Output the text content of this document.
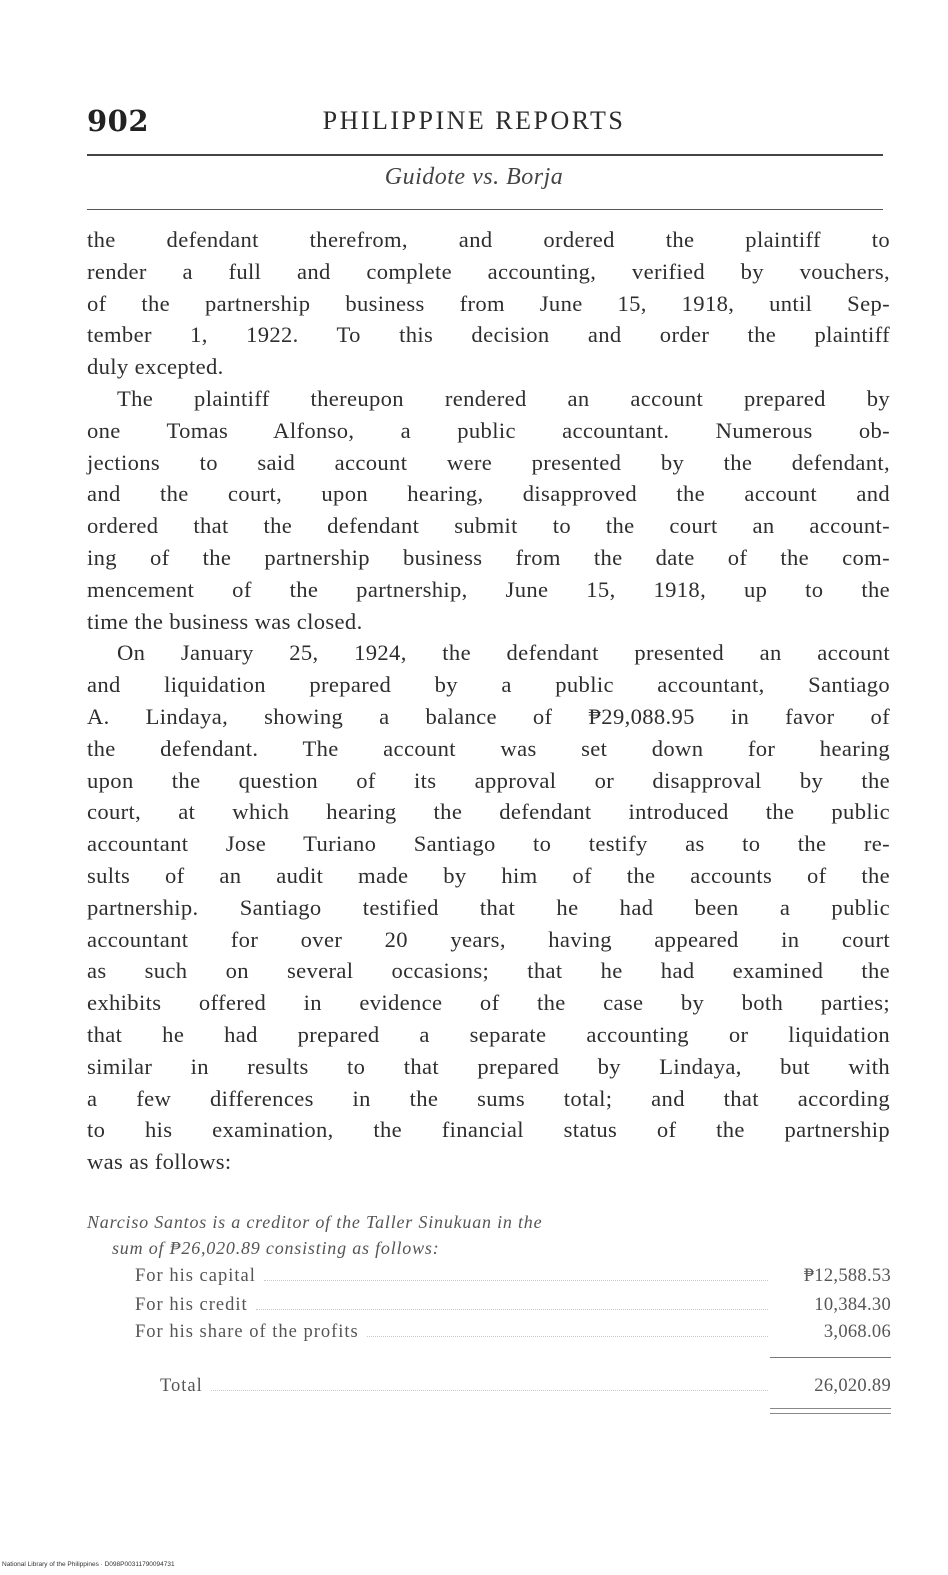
902	PHILIPPINE REPORTS
Guidote vs. Borja
the defendant therefrom, and ordered the plaintiff to
render a full and complete accounting, verified by vouchers,
of the partnership business from June 15, 1918, until Sep-
tember 1, 1922. To this decision and order the plaintiff
duly excepted.
The plaintiff thereupon rendered an account prepared by
one Tomas Alfonso, a public accountant. Numerous ob-
jections to said account were presented by the defendant,
and the court, upon hearing, disapproved the account and
ordered that the defendant submit to the court an account-
ing of the partnership business from the date of the com-
mencement of the partnership, June 15, 1918, up to the
time the business was closed.
On January 25, 1924, the defendant presented an account
and liquidation prepared by a public accountant, Santiago
A. Lindaya, showing a balance of ₱29,088.95 in favor of
the defendant. The account was set down for hearing
upon the question of its approval or disapproval by the
court, at which hearing the defendant introduced the public
accountant Jose Turiano Santiago to testify as to the re-
sults of an audit made by him of the accounts of the
partnership. Santiago testified that he had been a public
accountant for over 20 years, having appeared in court
as such on several occasions; that he had examined the
exhibits offered in evidence of the case by both parties;
that he had prepared a separate accounting or liquidation
similar in results to that prepared by Lindaya, but with
a few differences in the sums total; and that according
to his examination, the financial status of the partnership
was as follows:
Narciso Santos is a creditor of the Taller Sinukuan in the
sum of ₱26,020.89 consisting as follows:
For his capital	₱12,588.53
For his credit	10,384.30
For his share of the profits	3,068.06
Total	26,020.89
National Library of the Philippines · D098P00311790094731
